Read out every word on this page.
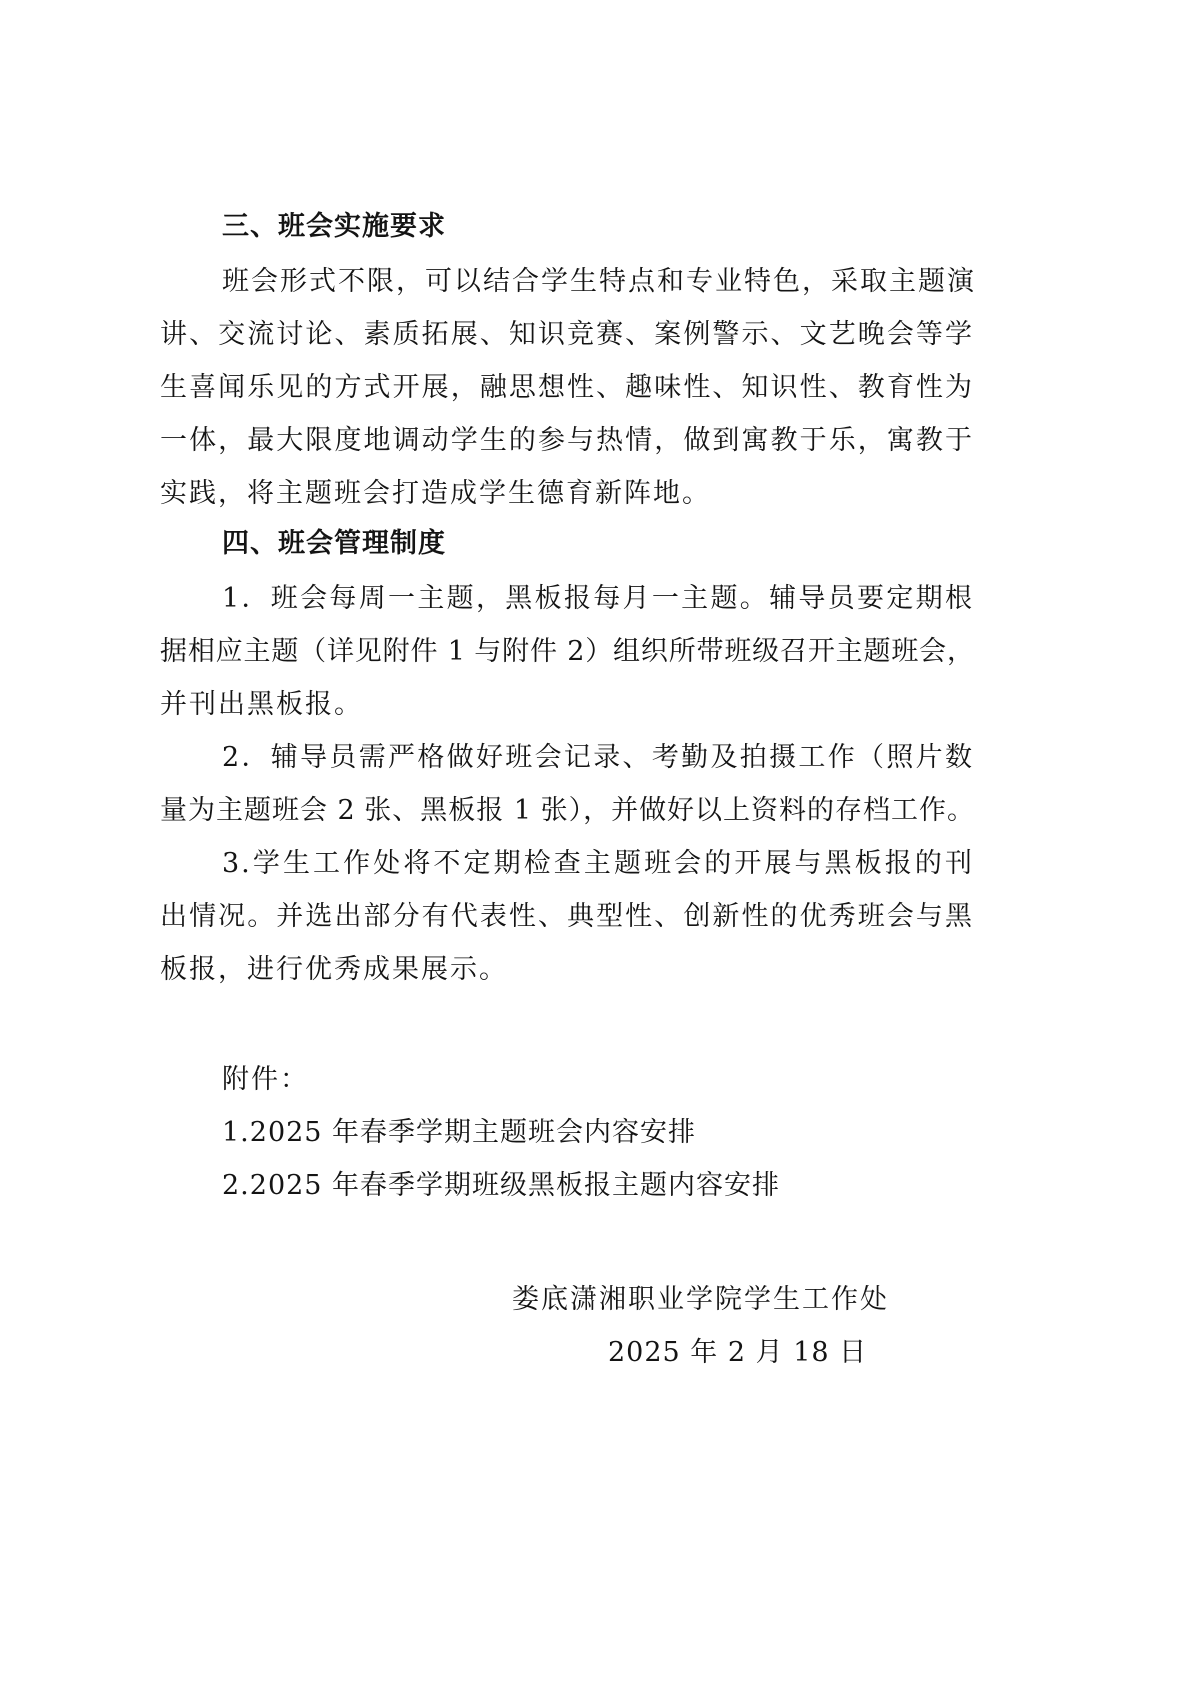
三、班会实施要求
班会形式不限，可以结合学生特点和专业特色，采取主题演
讲、交流讨论、素质拓展、知识竞赛、案例警示、文艺晚会等学
生喜闻乐见的方式开展，融思想性、趣味性、知识性、教育性为
一体，最大限度地调动学生的参与热情，做到寓教于乐，寓教于
实践，将主题班会打造成学生德育新阵地。
四、班会管理制度
1．班会每周一主题，黑板报每月一主题。辅导员要定期根
据相应主题（详见附件 1 与附件 2）组织所带班级召开主题班会，
并刊出黑板报。
2．辅导员需严格做好班会记录、考勤及拍摄工作（照片数
量为主题班会 2 张、黑板报 1 张），并做好以上资料的存档工作。
3.学生工作处将不定期检查主题班会的开展与黑板报的刊
出情况。并选出部分有代表性、典型性、创新性的优秀班会与黑
板报，进行优秀成果展示。
附件：
1.2025 年春季学期主题班会内容安排
2.2025 年春季学期班级黑板报主题内容安排
娄底潇湘职业学院学生工作处
2025 年 2 月 18 日
